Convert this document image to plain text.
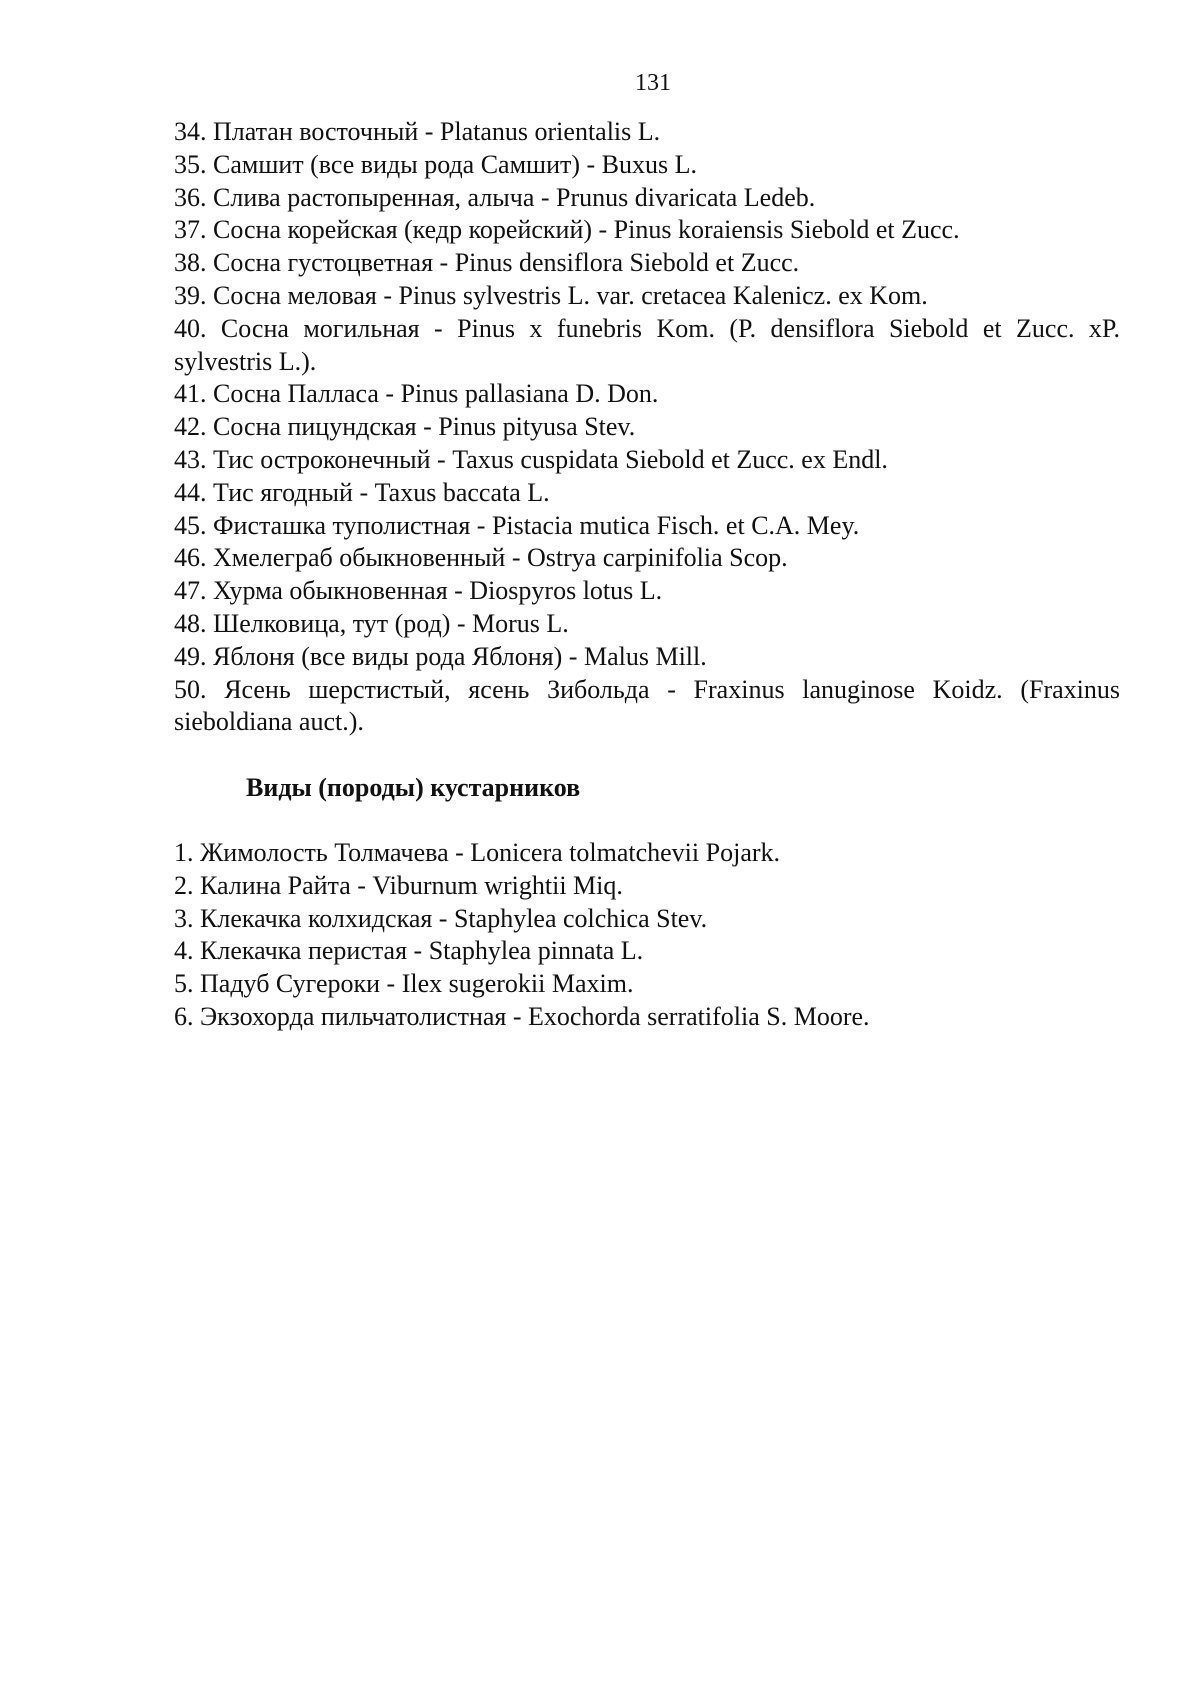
131

34. Платан восточный - Platanus orientalis L.

35. Самшит (все виды рода Самшит) - Buxus L.

36. Слива растопыренная, алыча - Prunus divaricata Ledeb.

37. Сосна корейская (кедр корейский) - Pinus koraiensis Siebold et Zucc.

38. Сосна густоцветная - Pinus densiflora Siebold et Zucc.

39. Сосна меловая - Pinus sylvestris L. var. cretacea Kalenicz. ex Kom.

40. Сосна могильная - Pinus x funebris Kom. (P. densiflora Siebold et Zucc. xP. sylvestris L.).

41. Сосна Палласа - Pinus pallasiana D. Don.

42. Сосна пицундская - Pinus pityusa Stev.

43. Тис остроконечный - Taxus cuspidata Siebold et Zucc. ex Endl.

44. Тис ягодный - Taxus baccata L.

45. Фисташка туполистная - Pistacia mutica Fisch. et C.A. Mey.

46. Хмелеграб обыкновенный - Ostrya carpinifolia Scop.

47. Хурма обыкновенная - Diospyros lotus L.

48. Шелковица, тут (род) - Morus L.

49. Яблоня (все виды рода Яблоня) - Malus Mill.

50. Ясень шерстистый, ясень Зибольда - Fraxinus lanuginose Koidz. (Fraxinus sieboldiana auct.).

Виды (породы) кустарников

1. Жимолость Толмачева - Lonicera tolmatchevii Pojark.

2. Калина Райта - Viburnum wrightii Miq.

3. Клекачка колхидская - Staphylea colchica Stev.

4. Клекачка перистая - Staphylea pinnata L.

5. Падуб Сугероки - Ilex sugerokii Maxim.

6. Экзохорда пильчатолистная - Exochorda serratifolia S. Moore.
